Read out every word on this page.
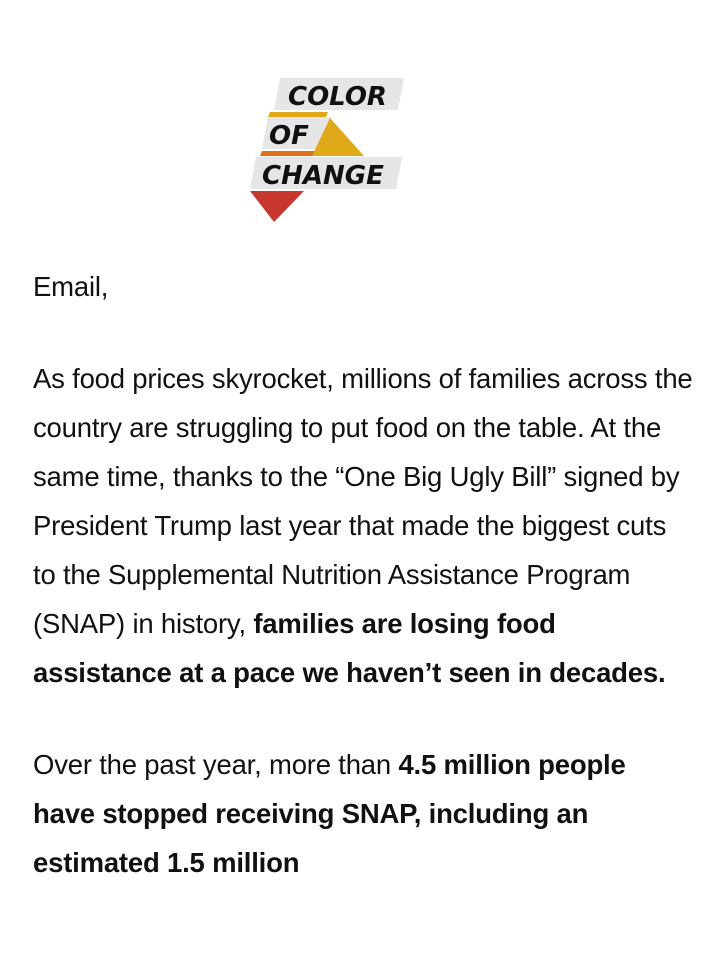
COLOR
OF
CHANGE

Email,

As food prices skyrocket, millions of families across the country are struggling to put food on the table. At the same time, thanks to the “One Big Ugly Bill” signed by President Trump last year that made the biggest cuts to the Supplemental Nutrition Assistance Program (SNAP) in history, families are losing food assistance at a pace we haven’t seen in decades.

Over the past year, more than 4.5 million people have stopped receiving SNAP, including an estimated 1.5 million
